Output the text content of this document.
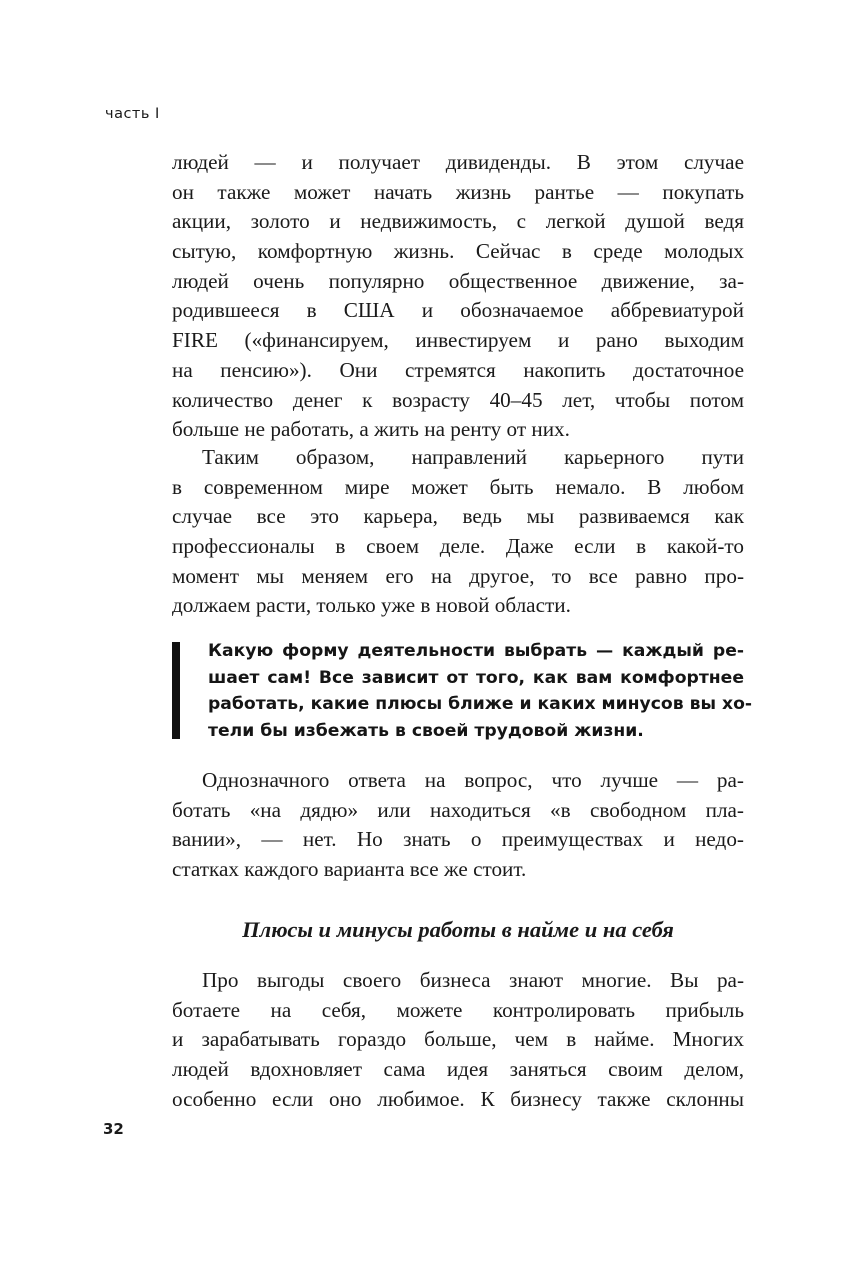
часть I
людей — и получает дивиденды. В этом случае
он также может начать жизнь рантье — покупать
акции, золото и недвижимость, с легкой душой ведя
сытую, комфортную жизнь. Сейчас в среде молодых
людей очень популярно общественное движение, за-
родившееся в США и обозначаемое аббревиатурой
FIRE («финансируем, инвестируем и рано выходим
на пенсию»). Они стремятся накопить достаточное
количество денег к возрасту 40–45 лет, чтобы потом
больше не работать, а жить на ренту от них.
Таким образом, направлений карьерного пути
в современном мире может быть немало. В любом
случае все это карьера, ведь мы развиваемся как
профессионалы в своем деле. Даже если в какой-то
момент мы меняем его на другое, то все равно про-
должаем расти, только уже в новой области.
Какую форму деятельности выбрать — каждый ре-
шает сам! Все зависит от того, как вам комфортнее
работать, какие плюсы ближе и каких минусов вы хо-
тели бы избежать в своей трудовой жизни.
Однозначного ответа на вопрос, что лучше — ра-
ботать «на дядю» или находиться «в свободном пла-
вании», — нет. Но знать о преимуществах и недо-
статках каждого варианта все же стоит.
Плюсы и минусы работы в найме и на себя
Про выгоды своего бизнеса знают многие. Вы ра-
ботаете на себя, можете контролировать прибыль
и зарабатывать гораздо больше, чем в найме. Многих
людей вдохновляет сама идея заняться своим делом,
особенно если оно любимое. К бизнесу также склонны
32
